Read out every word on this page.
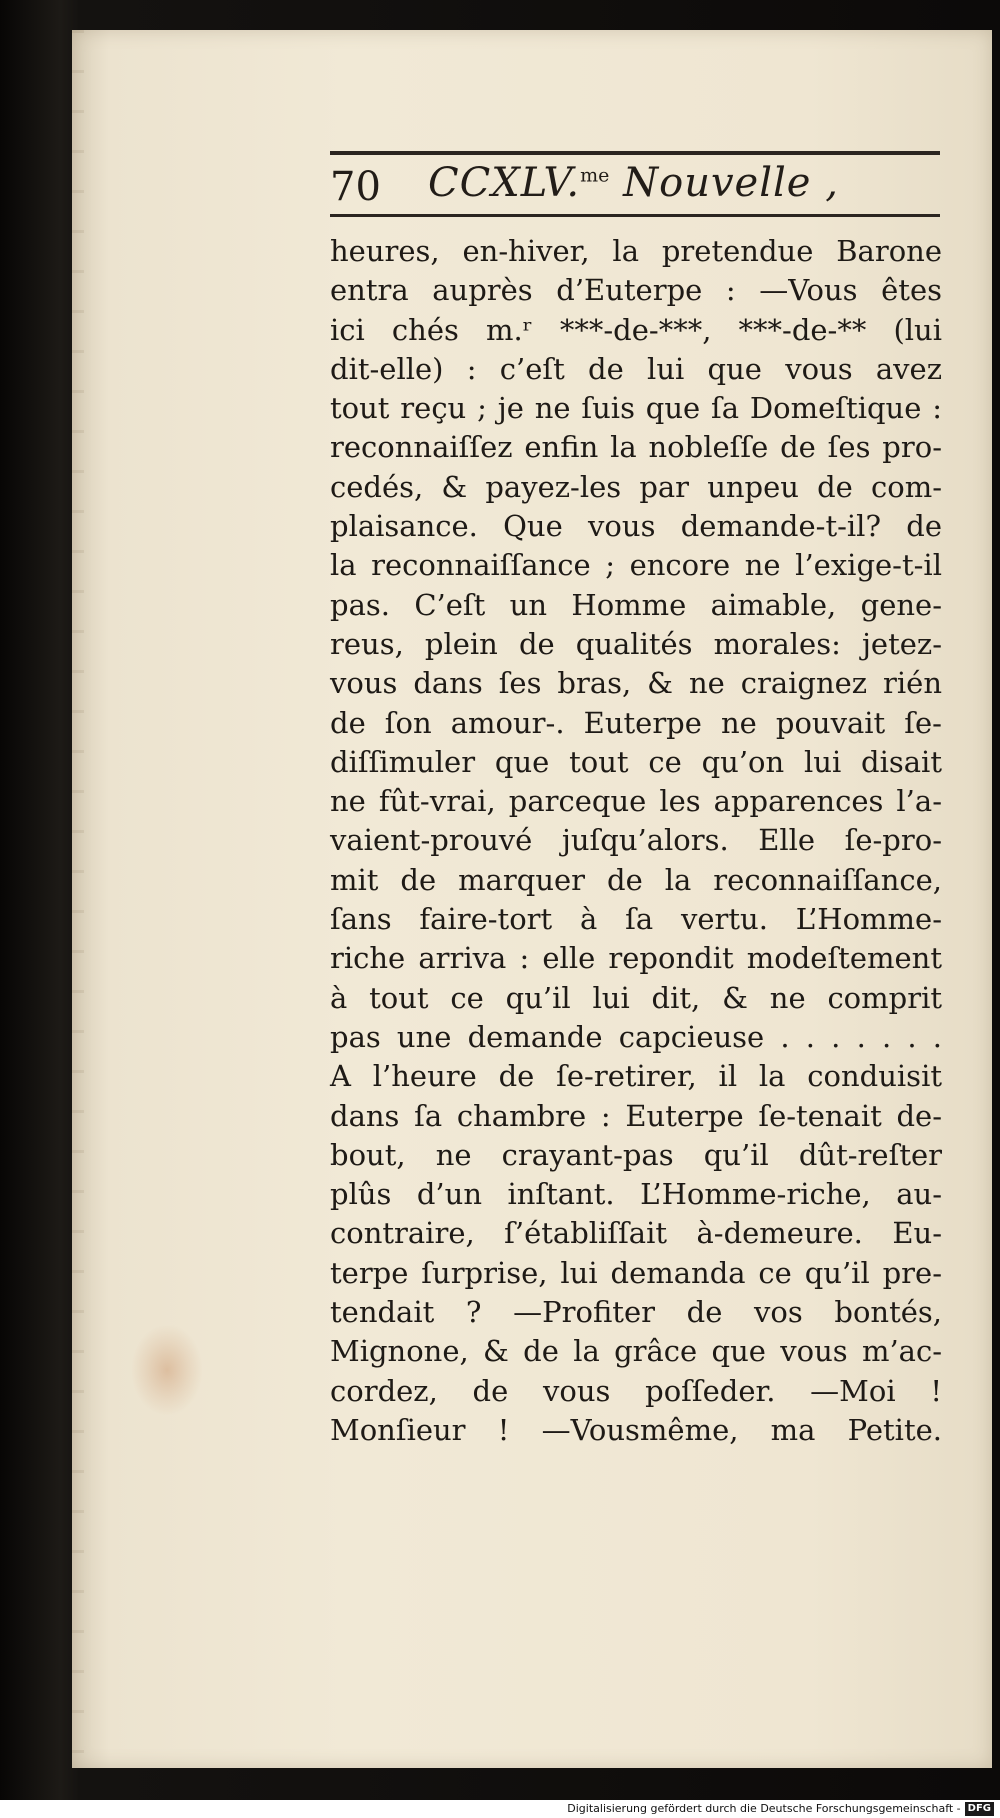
70 CCXLV.$^{me}$ Nouvelle ,
heures, en-hiver, la pretendue Barone
entra auprès d’Euterpe : —Vous êtes
ici chés m.ʳ ***-de-***, ***-de-** (lui
dit-elle) : c’eſt de lui que vous avez
tout reçu ; je ne ſuis que ſa Domeſtique :
reconnaiſſez enfin la nobleſſe de ſes pro-
cedés, & payez-les par unpeu de com-
plaisance. Que vous demande-t-il? de
la reconnaiſſance ; encore ne l’exige-t-il
pas. C’eſt un Homme aimable, gene-
reus, plein de qualités morales: jetez-
vous dans ſes bras, & ne craignez rién
de ſon amour-. Euterpe ne pouvait ſe-
diſſimuler que tout ce qu’on lui disait
ne fût-vrai, parceque les apparences l’a-
vaient-prouvé juſqu’alors. Elle ſe-pro-
mit de marquer de la reconnaiſſance,
ſans faire-tort à ſa vertu. L’Homme-
riche arriva : elle repondit modeſtement
à tout ce qu’il lui dit, & ne comprit
pas une demande capcieuse . . . . . . .
A l’heure de ſe-retirer, il la conduisit
dans ſa chambre : Euterpe ſe-tenait de-
bout, ne crayant-pas qu’il dût-reſter
plûs d’un inſtant. L’Homme-riche, au-
contraire, ſ’établiſſait à-demeure. Eu-
terpe ſurprise, lui demanda ce qu’il pre-
tendait ? —Profiter de vos bontés,
Mignone, & de la grâce que vous m’ac-
cordez, de vous poſſeder. —Moi !
Monſieur ! —Vousmême, ma Petite.
Digitalisierung gefördert durch die Deutsche Forschungsgemeinschaft - DFG
